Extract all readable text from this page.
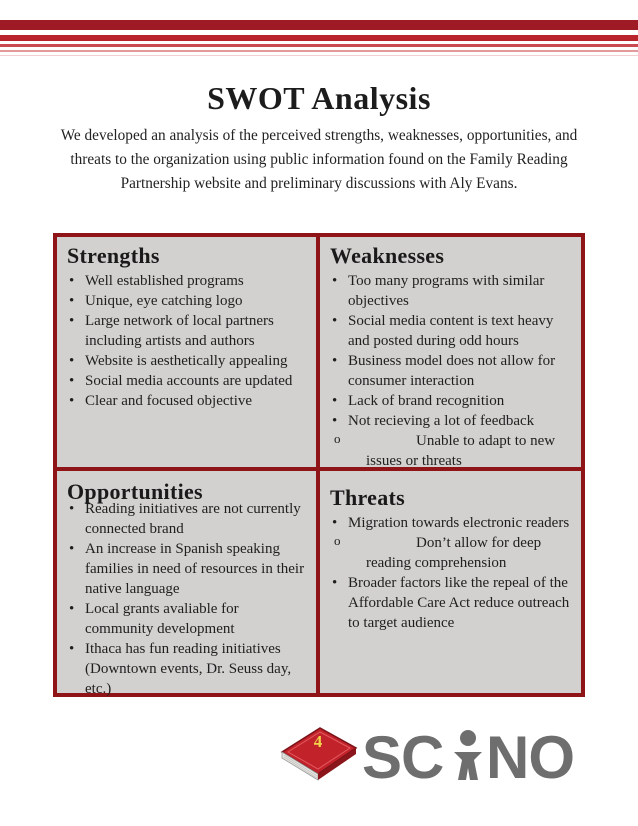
SWOT Analysis

We developed an analysis of the perceived strengths, weaknesses, opportunities, and threats to the organization using public information found on the Family Reading Partnership website and preliminary discussions with Aly Evans.

Strengths
• Well established programs
• Unique, eye catching logo
• Large network of local partners including artists and authors
• Website is aesthetically appealing
• Social media accounts are updated
• Clear and focused objective
Weaknesses
• Too many programs with similar objectives
• Social media content is text heavy and posted during odd hours
• Business model does not allow for consumer interaction
• Lack of brand recognition
• Not recieving a lot of feedback
o	Unable to adapt to new issues or threats
Opportunities
• Reading initiatives are not currently connected brand
• An increase in Spanish speaking families in need of resources in their native language
• Local grants avaliable for community development
• Ithaca has fun reading initiatives (Downtown events, Dr. Seuss day, etc.)
Threats
• Migration towards electronic readers
o	Don’t allow for deep reading comprehension
• Broader factors like the repeal of the Affordable Care Act reduce outreach to target audience
4 SC NO
